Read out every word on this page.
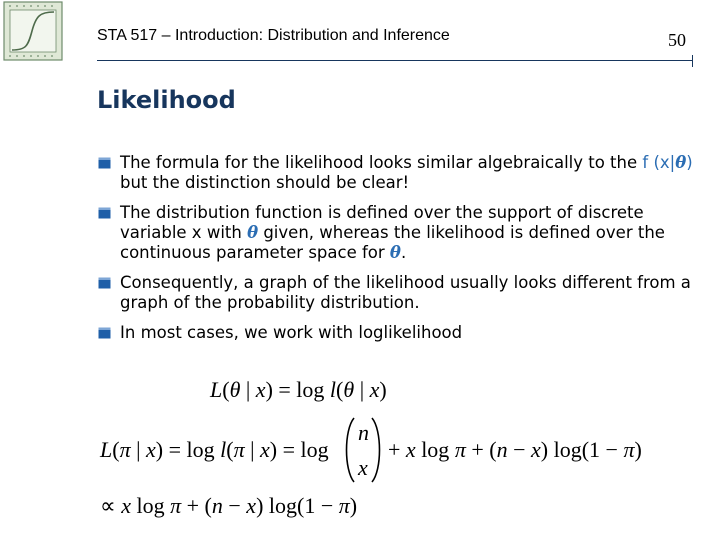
STA 517 – Introduction: Distribution and Inference	50
Likelihood
The formula for the likelihood looks similar algebraically to the f (x|θ) but the distinction should be clear!
The distribution function is defined over the support of discrete variable x with θ given, whereas the likelihood is defined over the continuous parameter space for θ.
Consequently, a graph of the likelihood usually looks different from a graph of the probability distribution.
In most cases, we work with loglikelihood
L(θ | x) = log l(θ | x)
L(π | x) = log l(π | x) = log
n
x
+ x log π + (n − x) log(1 − π)
∝ x log π + (n − x) log(1 − π)
